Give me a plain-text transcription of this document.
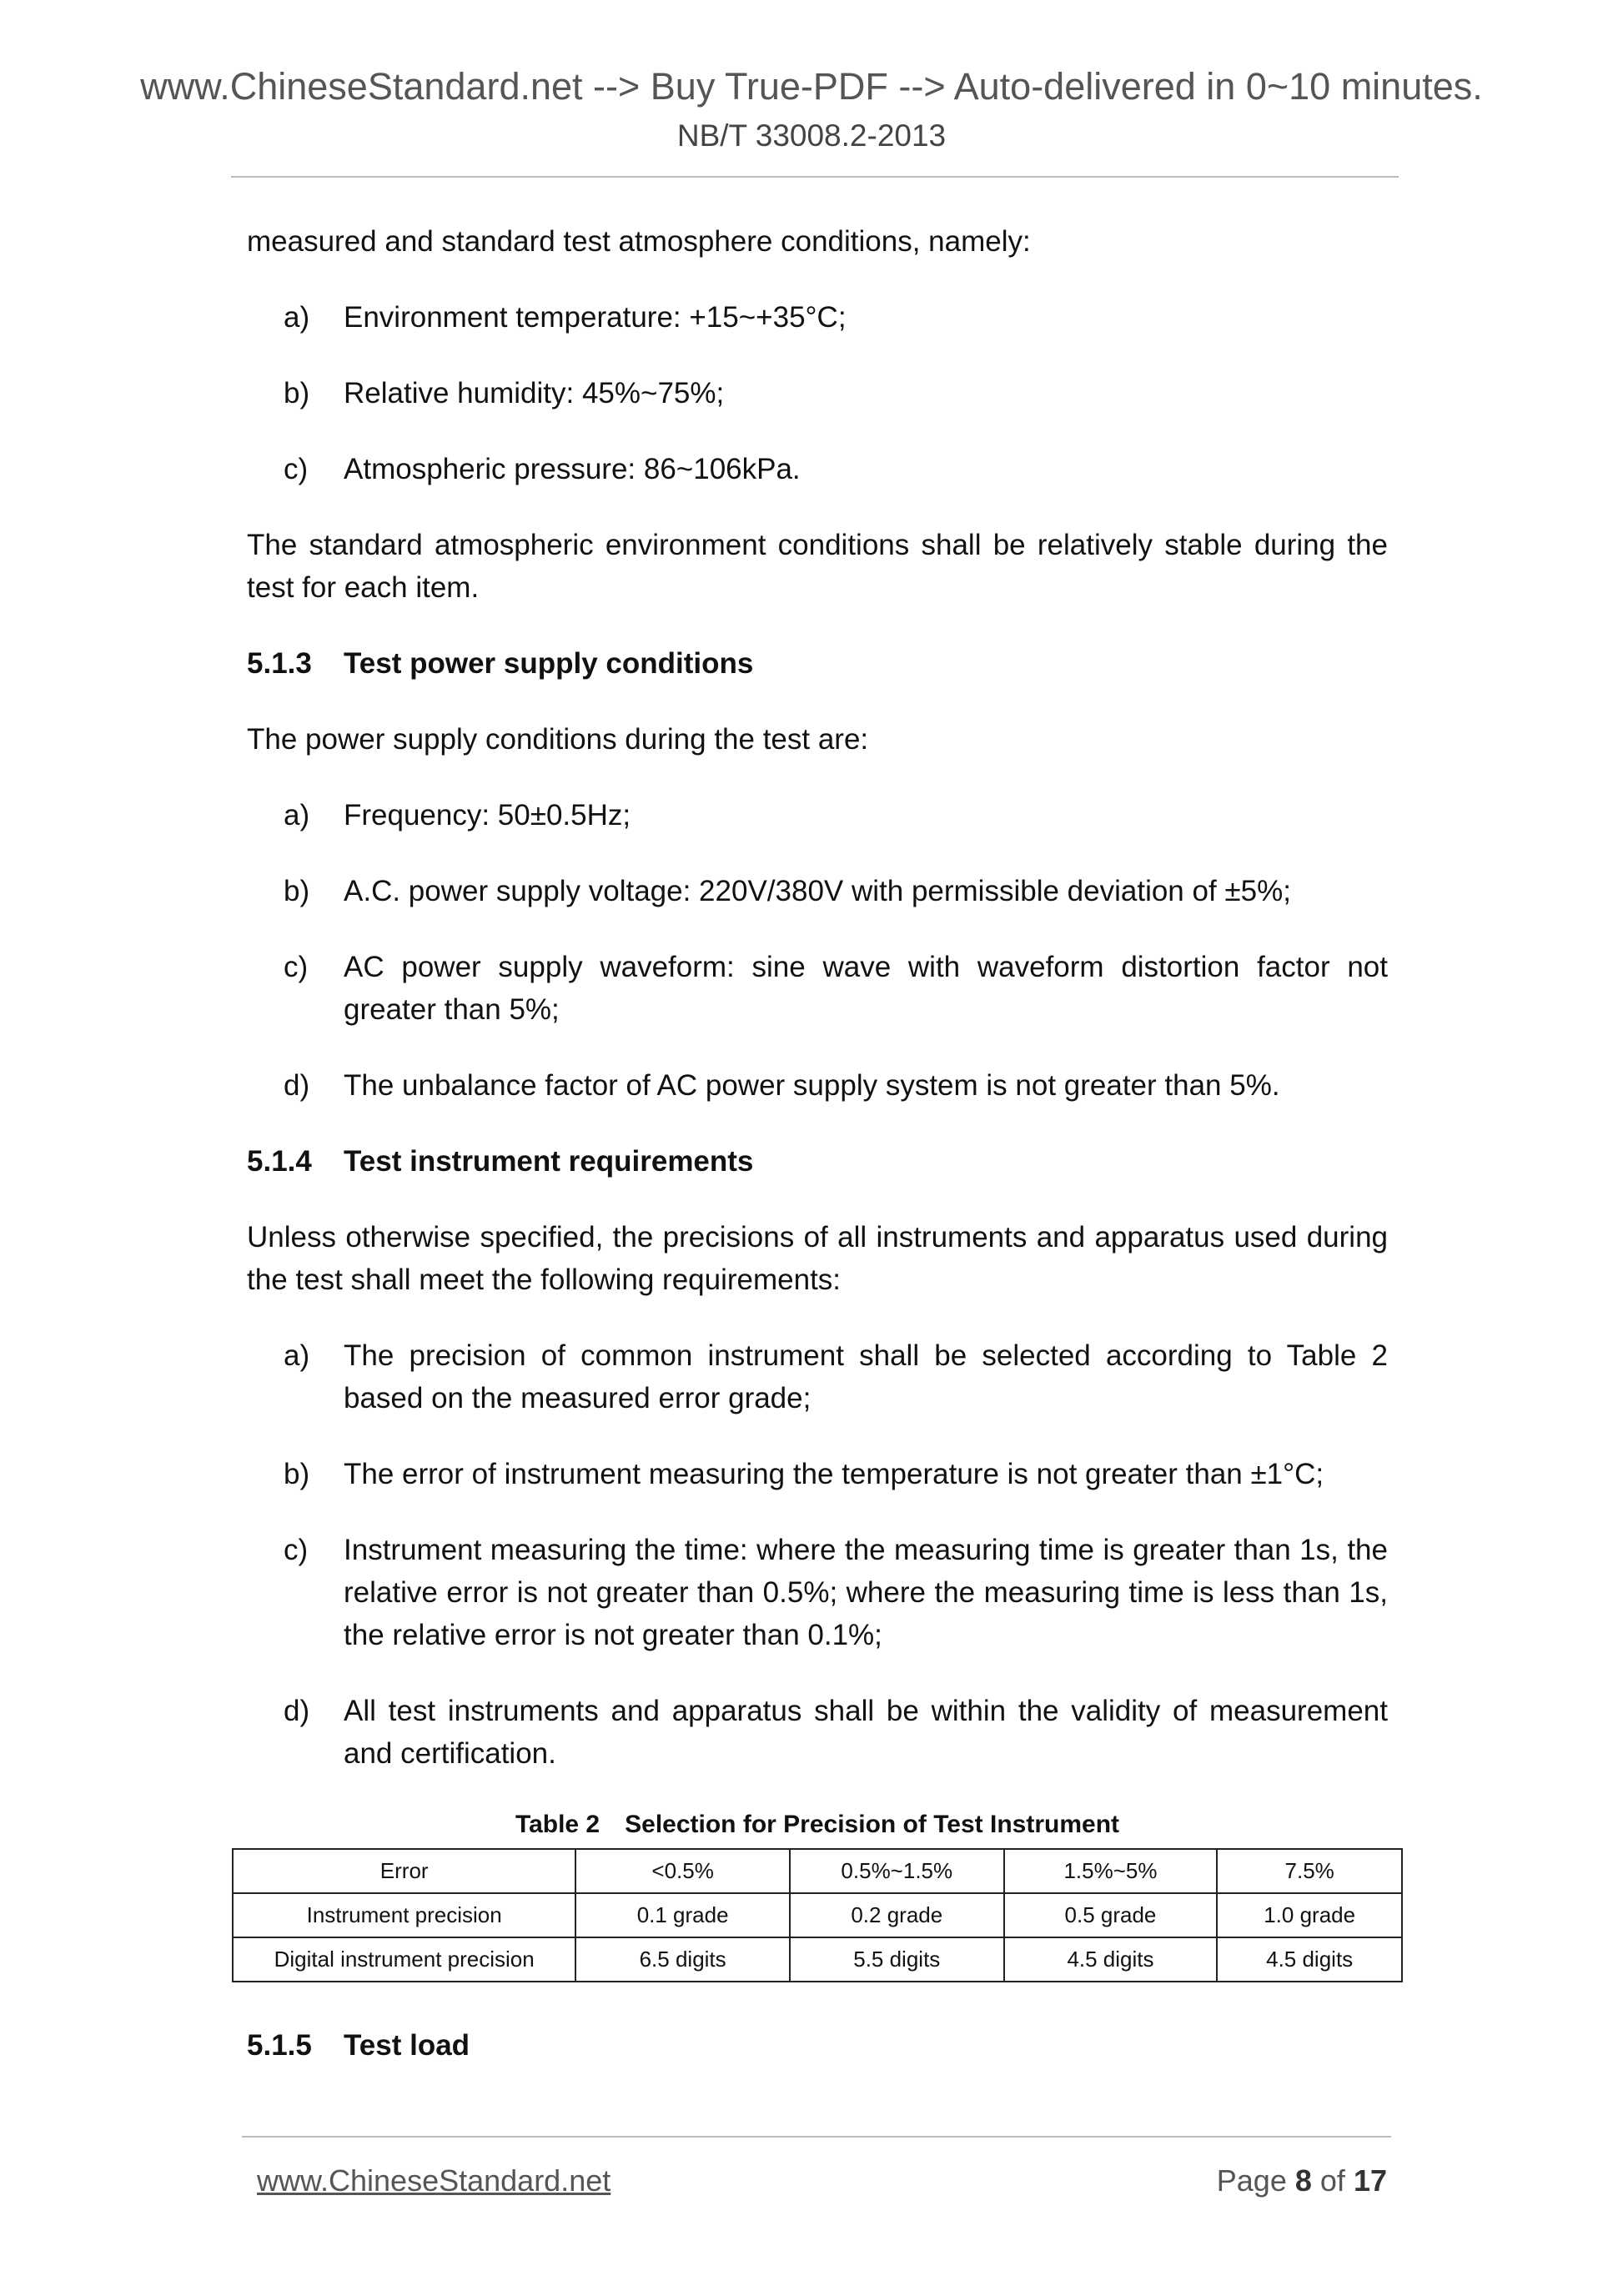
www.ChineseStandard.net --> Buy True-PDF --> Auto-delivered in 0~10 minutes.
NB/T 33008.2-2013

measured and standard test atmosphere conditions, namely:

a) Environment temperature: +15~+35°C;
b) Relative humidity: 45%~75%;
c) Atmospheric pressure: 86~106kPa.

The standard atmospheric environment conditions shall be relatively stable during the test for each item.

5.1.3 Test power supply conditions

The power supply conditions during the test are:

a) Frequency: 50±0.5Hz;
b) A.C. power supply voltage: 220V/380V with permissible deviation of ±5%;
c) AC power supply waveform: sine wave with waveform distortion factor not greater than 5%;
d) The unbalance factor of AC power supply system is not greater than 5%.
5.1.4 Test instrument requirements

Unless otherwise specified, the precisions of all instruments and apparatus used during the test shall meet the following requirements:

a) The precision of common instrument shall be selected according to Table 2 based on the measured error grade;
b) The error of instrument measuring the temperature is not greater than ±1°C;
c) Instrument measuring the time: where the measuring time is greater than 1s, the relative error is not greater than 0.5%; where the measuring time is less than 1s, the relative error is not greater than 0.1%;
d) All test instruments and apparatus shall be within the validity of measurement and certification.
Table 2 Selection for Precision of Test Instrument
Error	<0.5%	0.5%~1.5%	1.5%~5%	7.5%
Instrument precision	0.1 grade	0.2 grade	0.5 grade	1.0 grade
Digital instrument precision	6.5 digits	5.5 digits	4.5 digits	4.5 digits
5.1.5 Test load
www.ChineseStandard.net	Page 8 of 17
